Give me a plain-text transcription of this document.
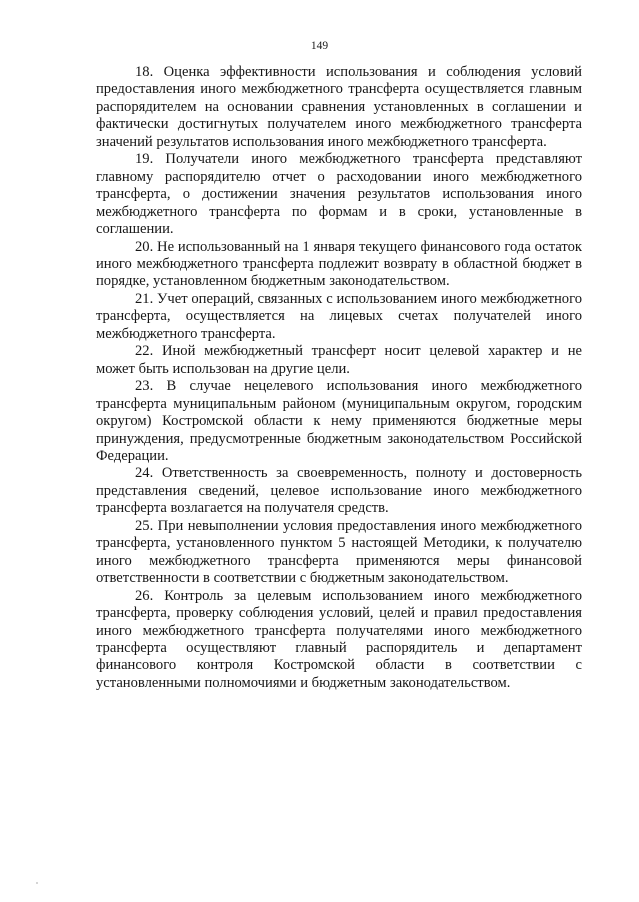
149

18. Оценка эффективности использования и соблюдения условий предоставления иного межбюджетного трансферта осуществляется главным распорядителем на основании сравнения установленных в соглашении и фактически достигнутых получателем иного межбюджетного трансферта значений результатов использования иного межбюджетного трансферта.

19. Получатели иного межбюджетного трансферта представляют главному распорядителю отчет о расходовании иного межбюджетного трансферта, о достижении значения результатов использования иного межбюджетного трансферта по формам и в сроки, установленные в соглашении.

20. Не использованный на 1 января текущего финансового года остаток иного межбюджетного трансферта подлежит возврату в областной бюджет в порядке, установленном бюджетным законодательством.

21. Учет операций, связанных с использованием иного межбюджетного трансферта, осуществляется на лицевых счетах получателей иного межбюджетного трансферта.

22. Иной межбюджетный трансферт носит целевой характер и не может быть использован на другие цели.

23. В случае нецелевого использования иного межбюджетного трансферта муниципальным районом (муниципальным округом, городским округом) Костромской области к нему применяются бюджетные меры принуждения, предусмотренные бюджетным законодательством Российской Федерации.

24. Ответственность за своевременность, полноту и достоверность представления сведений, целевое использование иного межбюджетного трансферта возлагается на получателя средств.

25. При невыполнении условия предоставления иного межбюджетного трансферта, установленного пунктом 5 настоящей Методики, к получателю иного межбюджетного трансферта применяются меры финансовой ответственности в соответствии с бюджетным законодательством.

26. Контроль за целевым использованием иного межбюджетного трансферта, проверку соблюдения условий, целей и правил предоставления иного межбюджетного трансферта получателями иного межбюджетного трансферта осуществляют главный распорядитель и департамент финансового контроля Костромской области в соответствии с установленными полномочиями и бюджетным законодательством.
